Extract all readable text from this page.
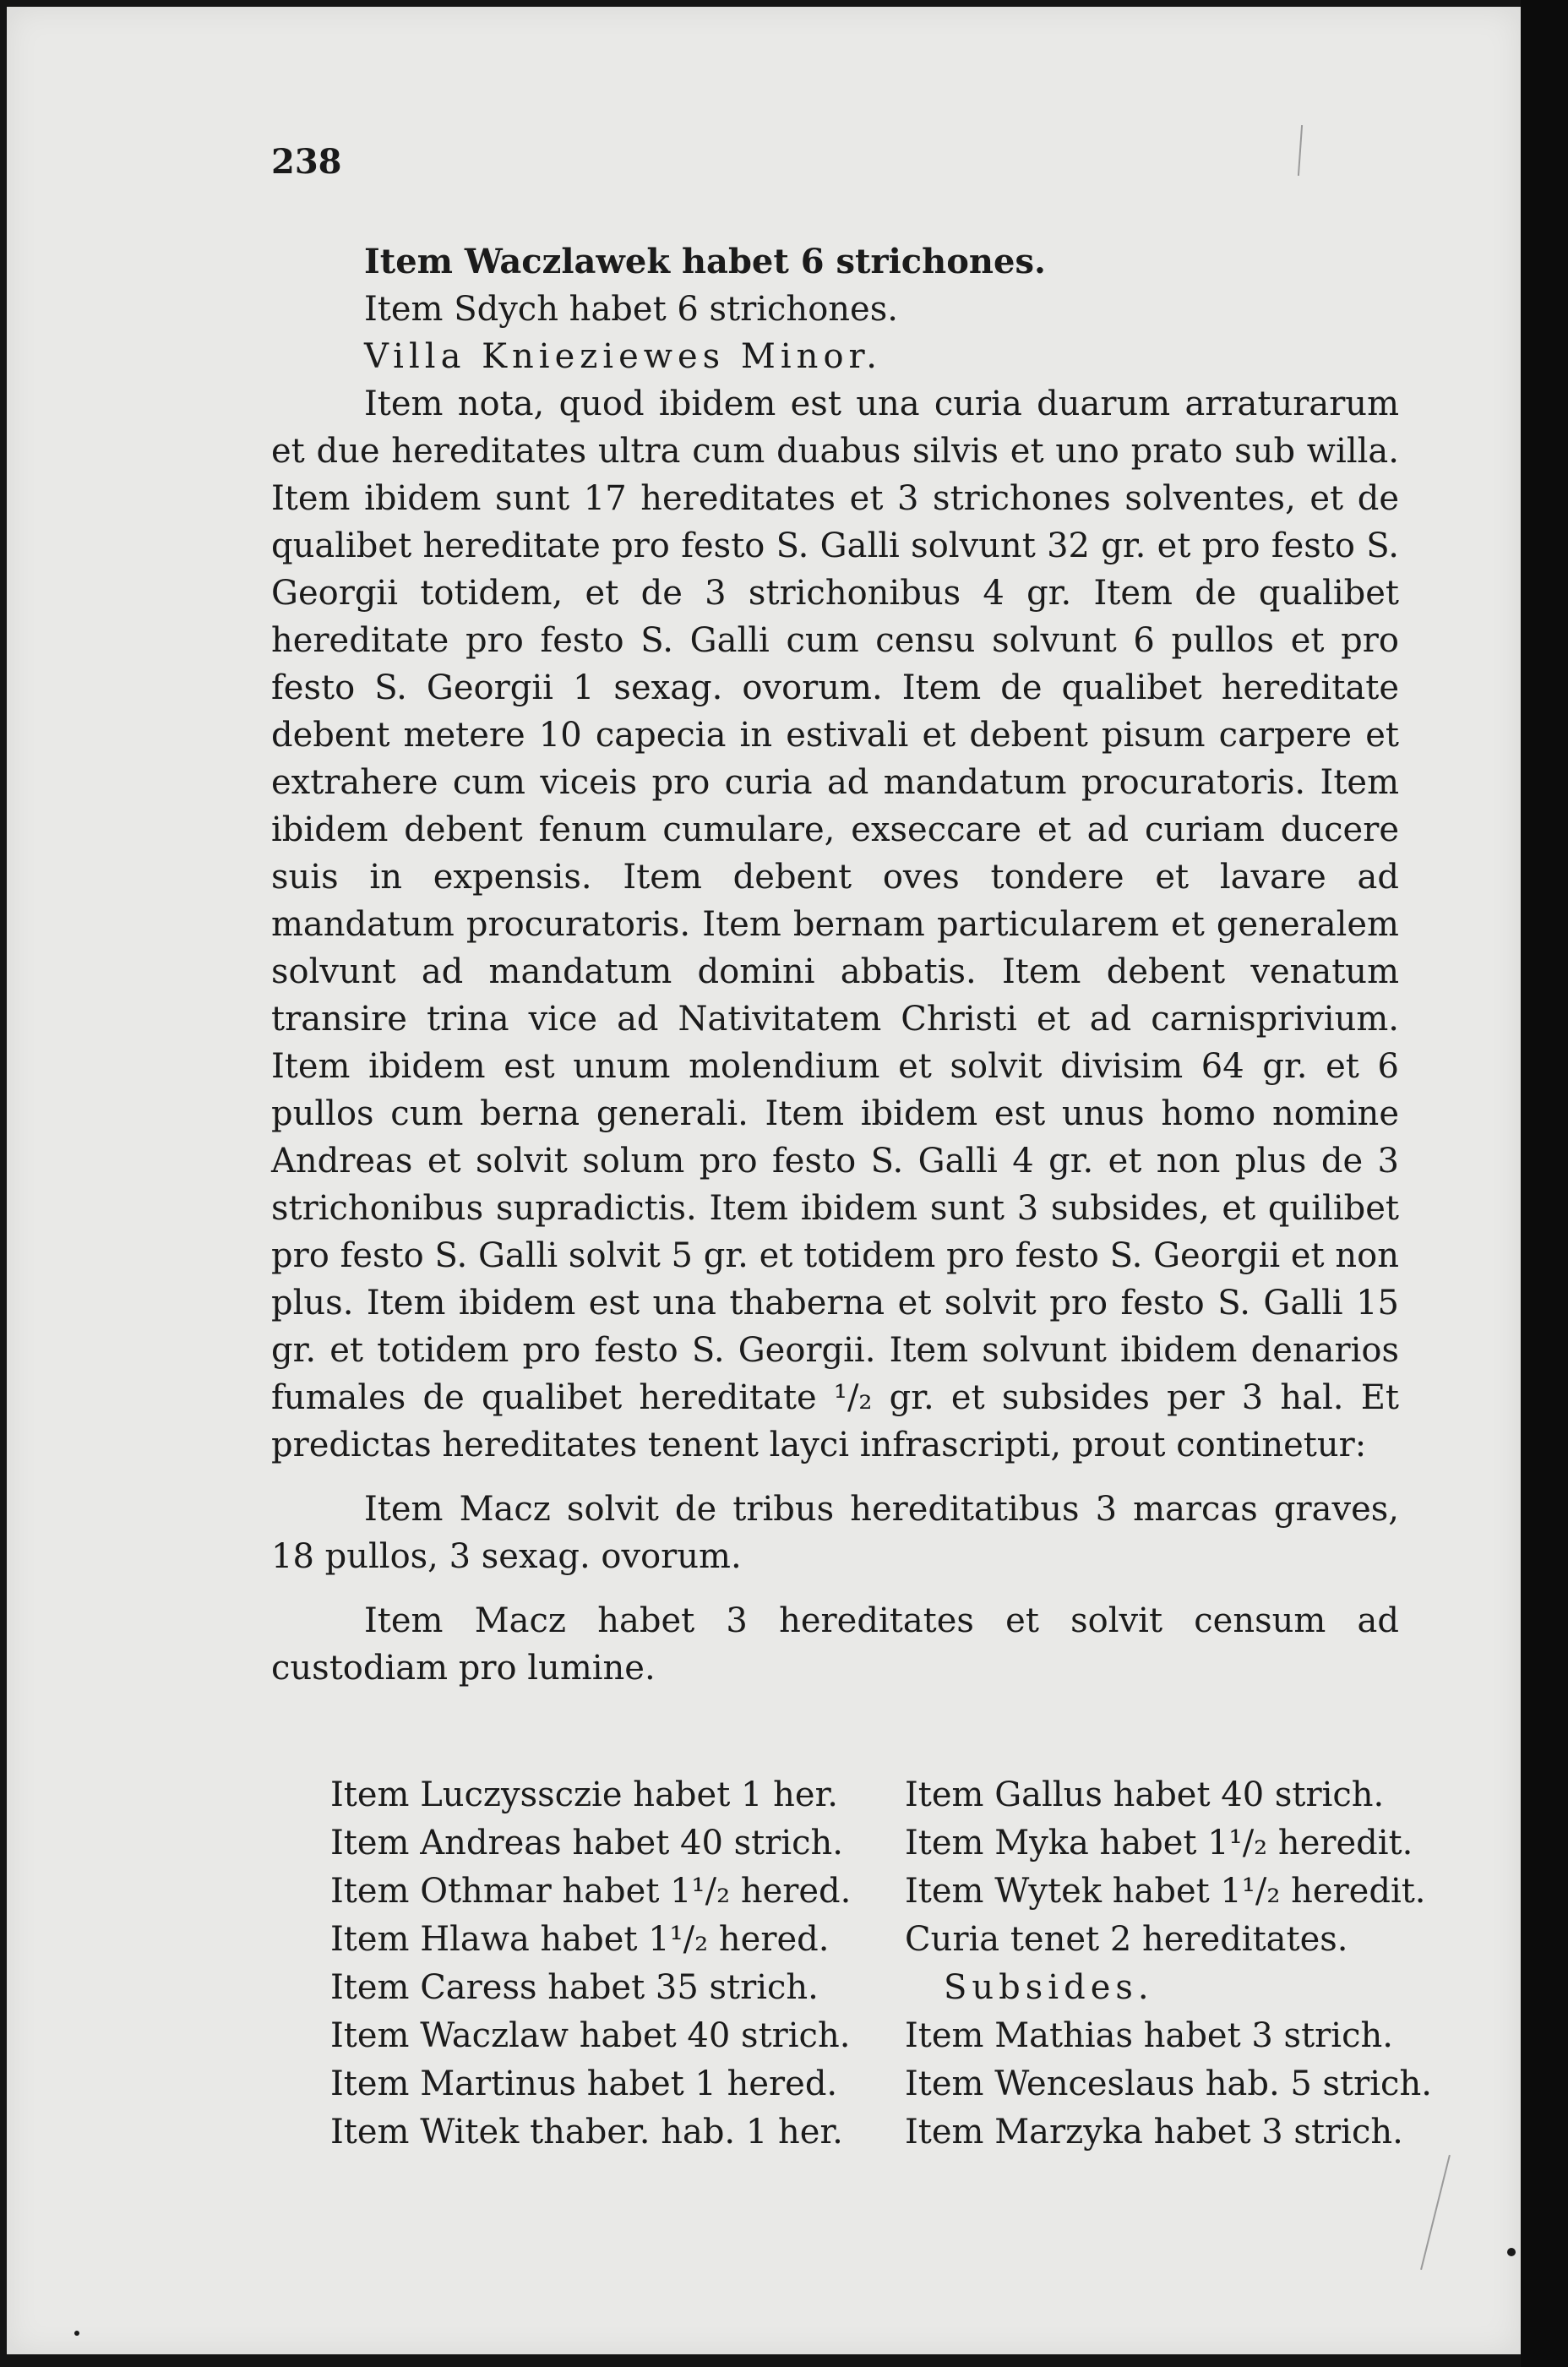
238

Item Waczlawek habet 6 strichones.

Item Sdych habet 6 strichones.

Villa Knieziewes Minor.

Item nota, quod ibidem est una curia duarum arraturarum et due hereditates ultra cum duabus silvis et uno prato sub willa. Item ibidem sunt 17 hereditates et 3 strichones solventes, et de qualibet hereditate pro festo S. Galli solvunt 32 gr. et pro festo S. Georgii totidem, et de 3 strichonibus 4 gr. Item de qualibet hereditate pro festo S. Galli cum censu solvunt 6 pullos et pro festo S. Georgii 1 sexag. ovorum. Item de qualibet hereditate debent metere 10 capecia in estivali et debent pisum carpere et extrahere cum viceis pro curia ad mandatum procuratoris. Item ibidem debent fenum cumulare, exseccare et ad curiam ducere suis in expensis. Item debent oves tondere et lavare ad mandatum procuratoris. Item bernam particularem et generalem solvunt ad mandatum domini abbatis. Item debent venatum transire trina vice ad Nativitatem Christi et ad carnisprivium. Item ibidem est unum molendium et solvit divisim 64 gr. et 6 pullos cum berna generali. Item ibidem est unus homo nomine Andreas et solvit solum pro festo S. Galli 4 gr. et non plus de 3 strichonibus supradictis. Item ibidem sunt 3 subsides, et quilibet pro festo S. Galli solvit 5 gr. et totidem pro festo S. Georgii et non plus. Item ibidem est una thaberna et solvit pro festo S. Galli 15 gr. et totidem pro festo S. Georgii. Item solvunt ibidem denarios fumales de qualibet hereditate ¹/₂ gr. et subsides per 3 hal. Et predictas hereditates tenent layci infrascripti, prout continetur:

Item Macz solvit de tribus hereditatibus 3 marcas graves, 18 pullos, 3 sexag. ovorum.

Item Macz habet 3 hereditates et solvit censum ad custodiam pro lumine.

Item Luczyssczie habet 1 her.
Item Andreas habet 40 strich.
Item Othmar habet 1¹/₂ hered.
Item Hlawa habet 1¹/₂ hered.
Item Caress habet 35 strich.
Item Waczlaw habet 40 strich.
Item Martinus habet 1 hered.
Item Witek thaber. hab. 1 her.
Item Gallus habet 40 strich.
Item Myka habet 1¹/₂ heredit.
Item Wytek habet 1¹/₂ heredit.
Curia tenet 2 hereditates.
Subsides.
Item Mathias habet 3 strich.
Item Wenceslaus hab. 5 strich.
Item Marzyka habet 3 strich.
